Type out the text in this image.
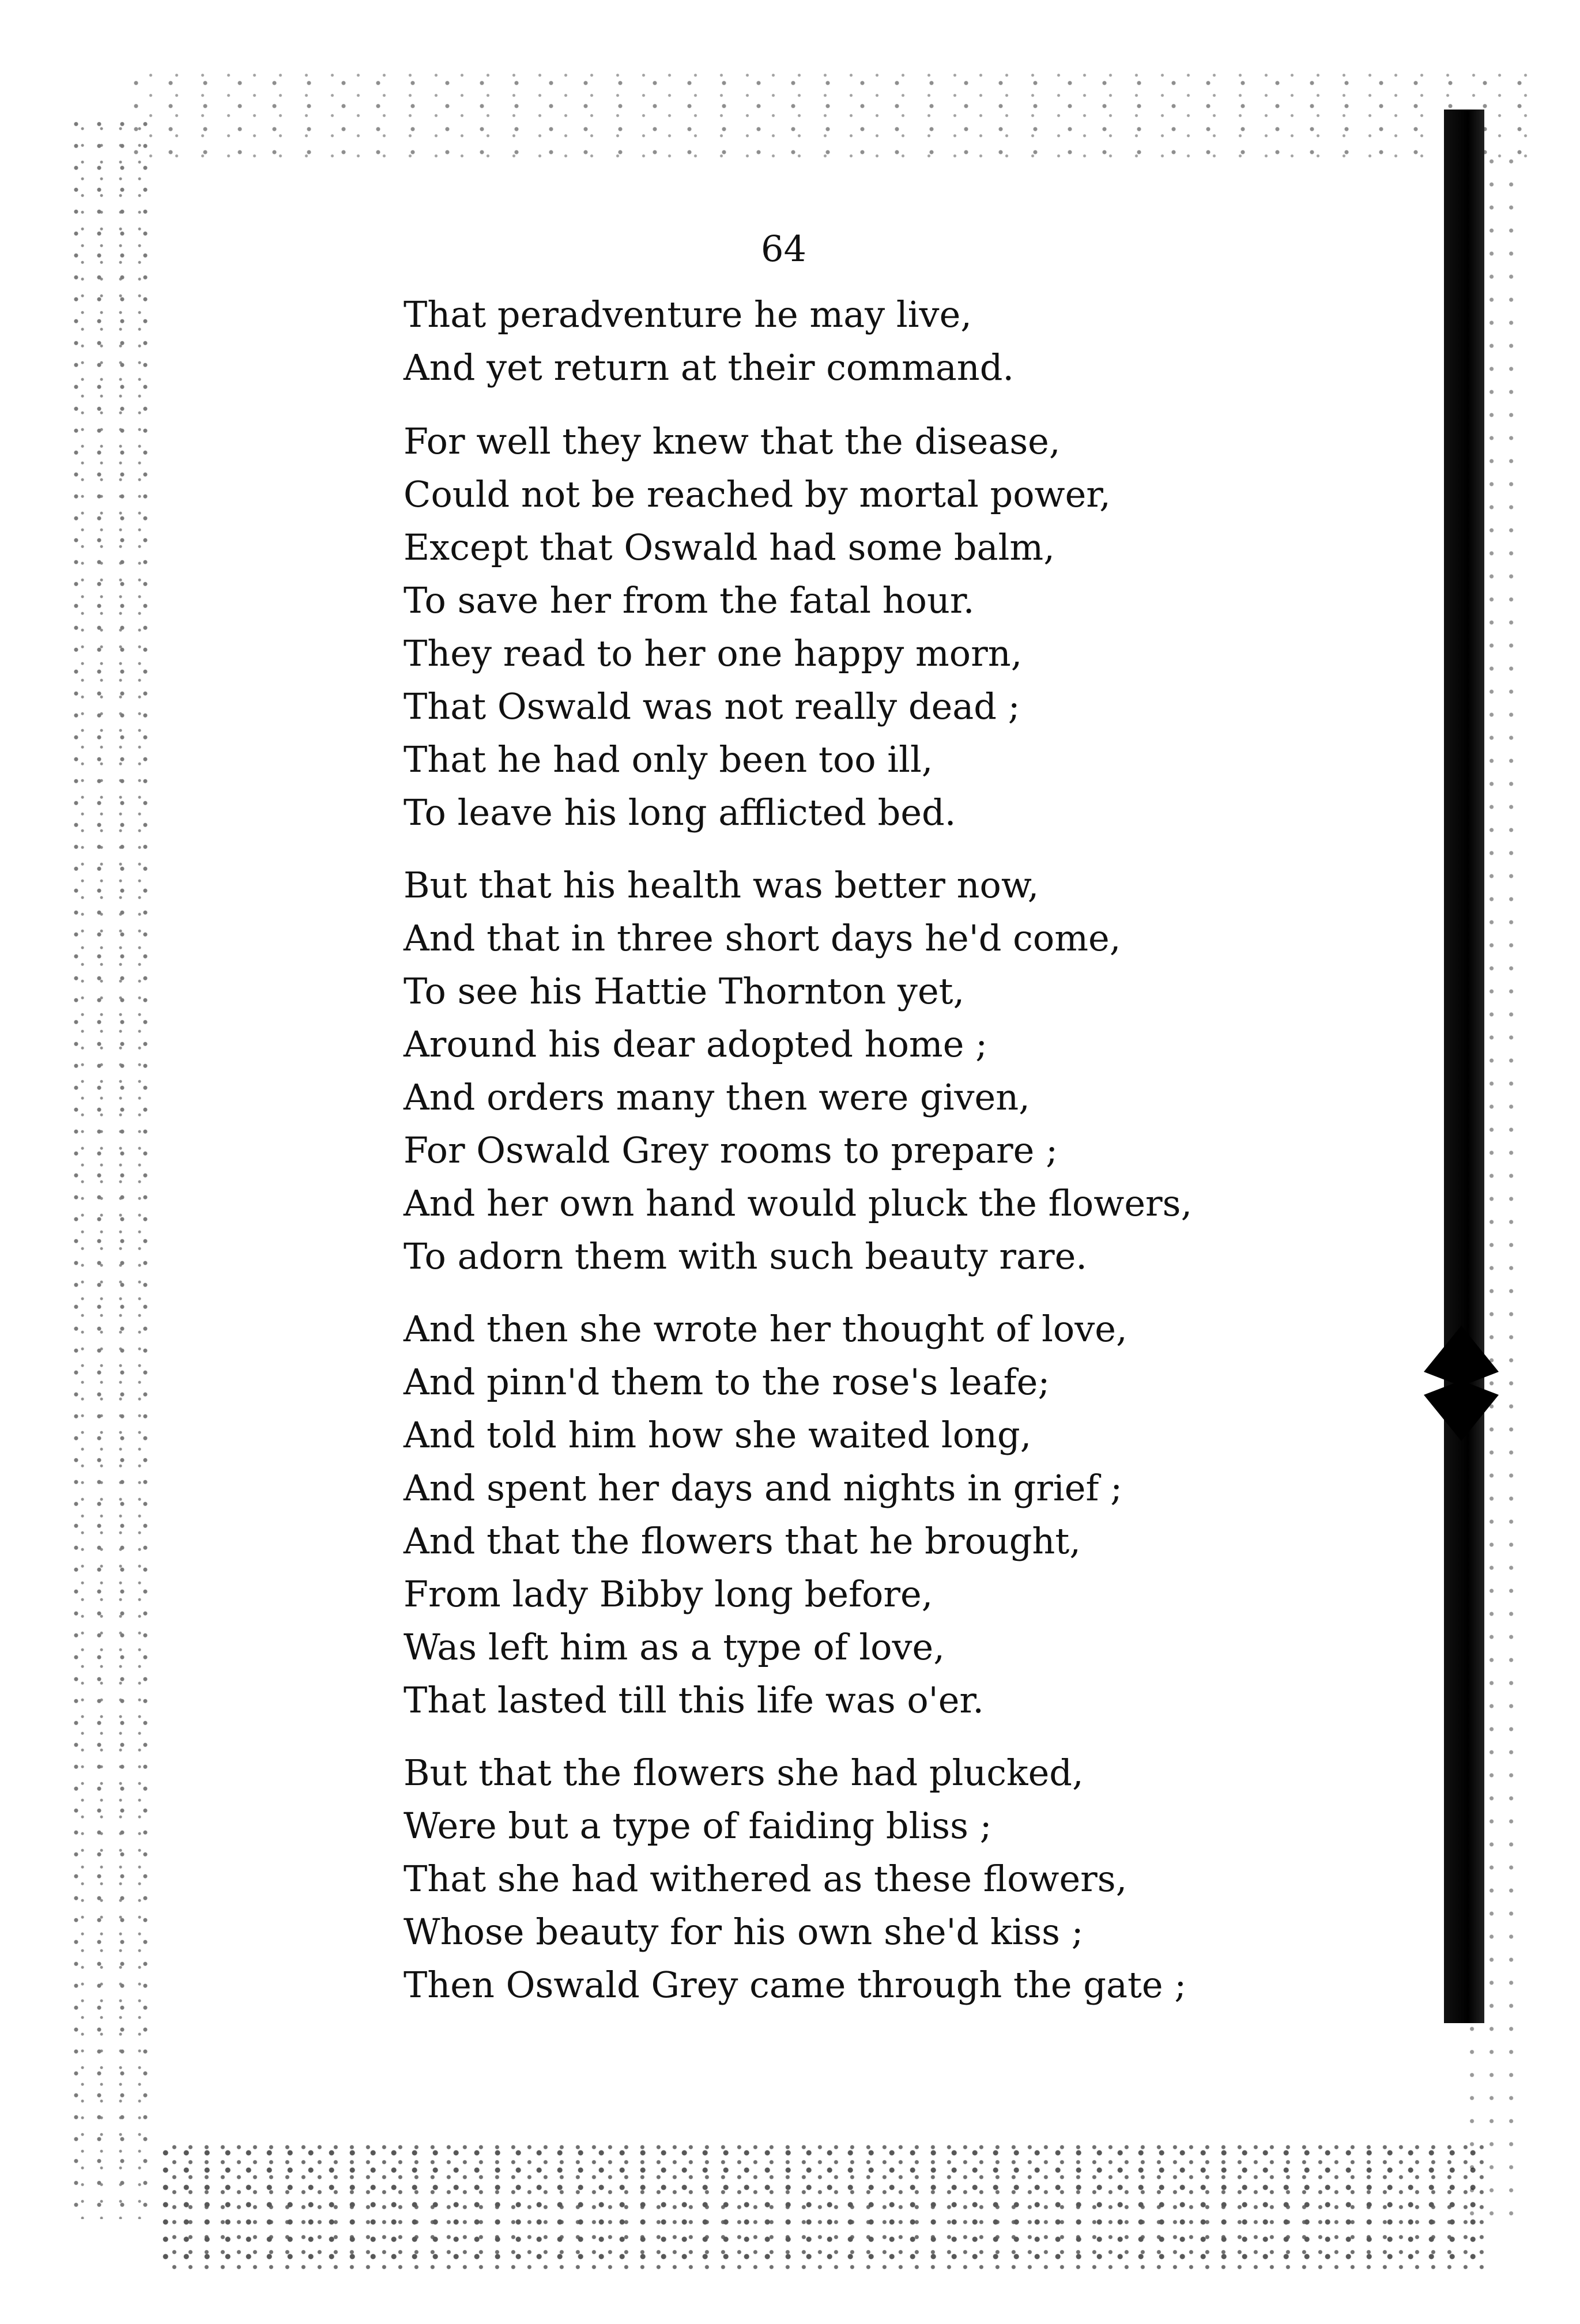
64
That peradventure he may live,
And yet return at their command.
For well they knew that the disease,
Could not be reached by mortal power,
Except that Oswald had some balm,
To save her from the fatal hour.
They read to her one happy morn,
That Oswald was not really dead ;
That he had only been too ill,
To leave his long afflicted bed.
But that his health was better now,
And that in three short days he'd come,
To see his Hattie Thornton yet,
Around his dear adopted home ;
And orders many then were given,
For Oswald Grey rooms to prepare ;
And her own hand would pluck the flowers,
To adorn them with such beauty rare.
And then she wrote her thought of love,
And pinn'd them to the rose's leafe;
And told him how she waited long,
And spent her days and nights in grief ;
And that the flowers that he brought,
From lady Bibby long before,
Was left him as a type of love,
That lasted till this life was o'er.
But that the flowers she had plucked,
Were but a type of faiding bliss ;
That she had withered as these flowers,
Whose beauty for his own she'd kiss ;
Then Oswald Grey came through the gate ;
